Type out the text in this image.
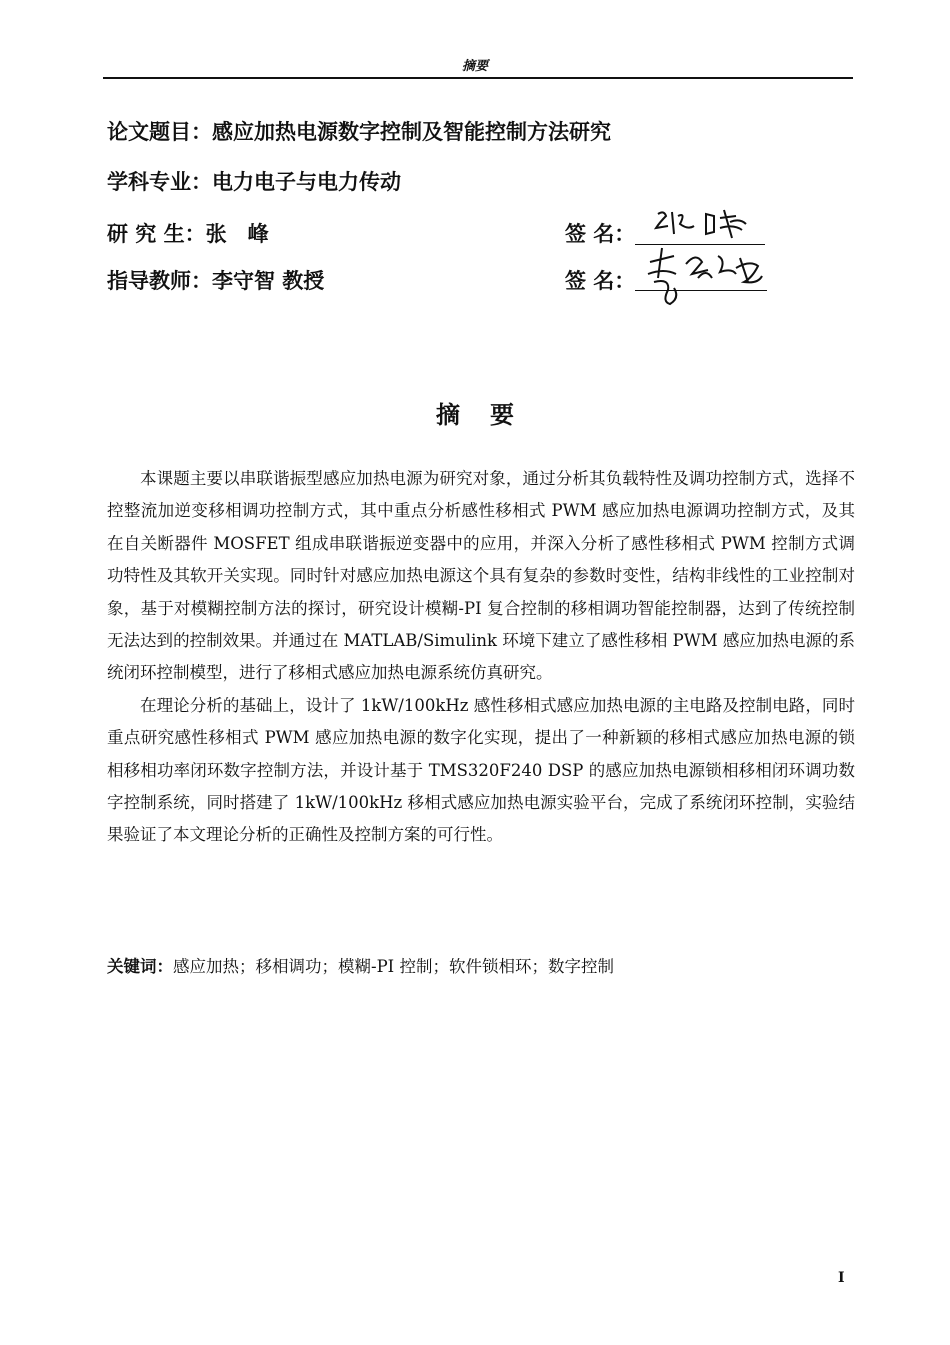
摘要
论文题目：感应加热电源数字控制及智能控制方法研究
学科专业：电力电子与电力传动
研 究 生：张　峰
指导教师：李守智 教授
签 名：
签 名：
摘要

本课题主要以串联谐振型感应加热电源为研究对象，通过分析其负载特性及调功控制方式，选择不控整流加逆变移相调功控制方式，其中重点分析感性移相式 PWM 感应加热电源调功控制方式，及其在自关断器件 MOSFET 组成串联谐振逆变器中的应用，并深入分析了感性移相式 PWM 控制方式调功特性及其软开关实现。同时针对感应加热电源这个具有复杂的参数时变性，结构非线性的工业控制对象，基于对模糊控制方法的探讨，研究设计模糊-PI 复合控制的移相调功智能控制器，达到了传统控制无法达到的控制效果。并通过在 MATLAB/Simulink 环境下建立了感性移相 PWM 感应加热电源的系统闭环控制模型，进行了移相式感应加热电源系统仿真研究。

在理论分析的基础上，设计了 1kW/100kHz 感性移相式感应加热电源的主电路及控制电路，同时重点研究感性移相式 PWM 感应加热电源的数字化实现，提出了一种新颖的移相式感应加热电源的锁相移相功率闭环数字控制方法，并设计基于 TMS320F240 DSP 的感应加热电源锁相移相闭环调功数字控制系统，同时搭建了 1kW/100kHz 移相式感应加热电源实验平台，完成了系统闭环控制，实验结果验证了本文理论分析的正确性及控制方案的可行性。

关键词：感应加热；移相调功；模糊-PI 控制；软件锁相环；数字控制
I
